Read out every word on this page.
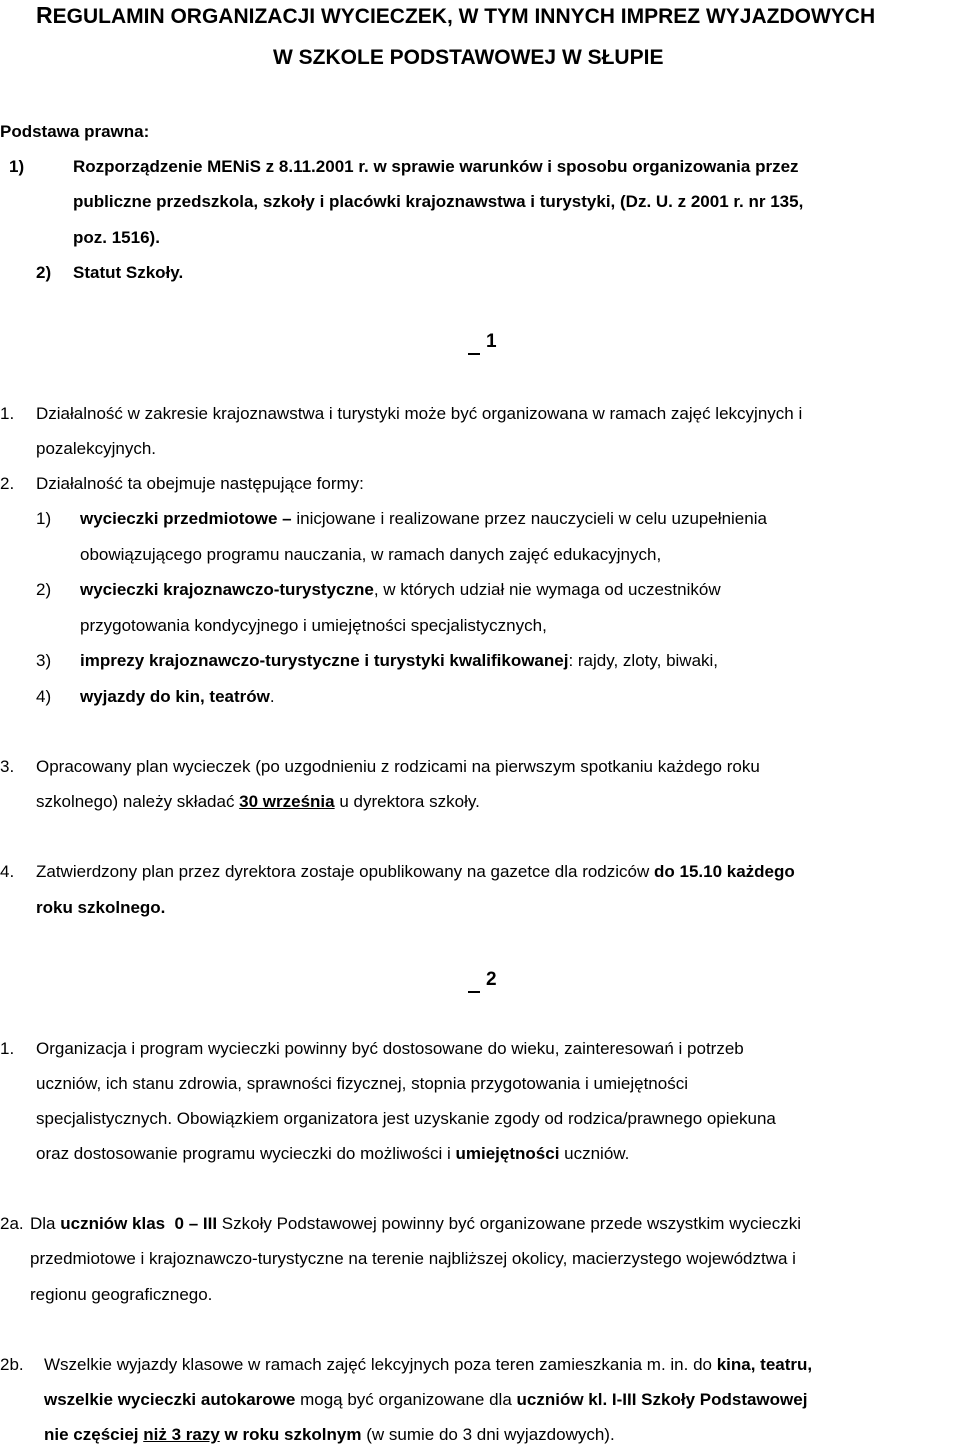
REGULAMIN ORGANIZACJI WYCIECZEK, W TYM INNYCH IMPREZ WYJAZDOWYCH
W SZKOLE PODSTAWOWEJ W SŁUPIE
Podstawa prawna:
1)	Rozporządzenie MENiS z 8.11.2001 r. w sprawie warunków i sposobu organizowania przez
publiczne przedszkola, szkoły i placówki krajoznawstwa i turystyki, (Dz. U. z 2001 r. nr 135,
poz. 1516).
2) Statut Szkoły.
1
1. Działalność w zakresie krajoznawstwa i turystyki może być organizowana w ramach zajęć lekcyjnych i
pozalekcyjnych.
2. Działalność ta obejmuje następujące formy:
1) wycieczki przedmiotowe – inicjowane i realizowane przez nauczycieli w celu uzupełnienia
obowiązującego programu nauczania, w ramach danych zajęć edukacyjnych,
2) wycieczki krajoznawczo-turystyczne, w których udział nie wymaga od uczestników
przygotowania kondycyjnego i umiejętności specjalistycznych,
3) imprezy krajoznawczo-turystyczne i turystyki kwalifikowanej: rajdy, zloty, biwaki,
4) wyjazdy do kin, teatrów.
3. Opracowany plan wycieczek (po uzgodnieniu z rodzicami na pierwszym spotkaniu każdego roku
szkolnego) należy składać 30 września u dyrektora szkoły.
4. Zatwierdzony plan przez dyrektora zostaje opublikowany na gazetce dla rodziców do 15.10 każdego
roku szkolnego.
2
1. Organizacja i program wycieczki powinny być dostosowane do wieku, zainteresowań i potrzeb
uczniów, ich stanu zdrowia, sprawności fizycznej, stopnia przygotowania i umiejętności
specjalistycznych. Obowiązkiem organizatora jest uzyskanie zgody od rodzica/prawnego opiekuna
oraz dostosowanie programu wycieczki do możliwości i umiejętności uczniów.
2a. Dla uczniów klas  0 – III Szkoły Podstawowej powinny być organizowane przede wszystkim wycieczki
przedmiotowe i krajoznawczo-turystyczne na terenie najbliższej okolicy, macierzystego województwa i
regionu geograficznego.
2b. Wszelkie wyjazdy klasowe w ramach zajęć lekcyjnych poza teren zamieszkania m. in. do kina, teatru,
wszelkie wycieczki autokarowe mogą być organizowane dla uczniów kl. I-III Szkoły Podstawowej
nie częściej niż 3 razy w roku szkolnym (w sumie do 3 dni wyjazdowych).
